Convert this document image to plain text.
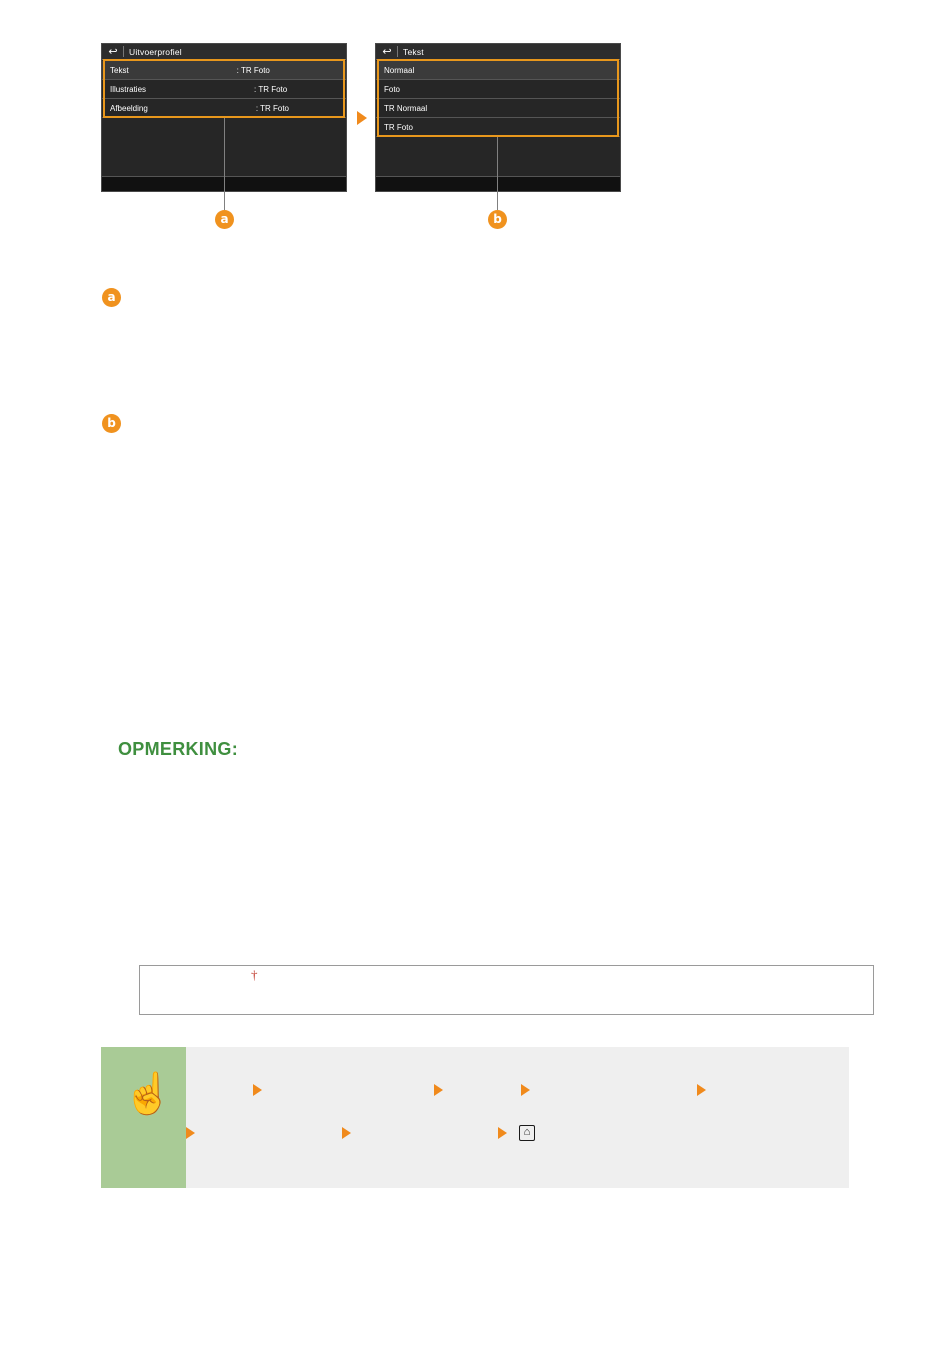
↩ Uitvoerprofiel
Tekst	: TR Foto
Illustraties	: TR Foto
Afbeelding	: TR Foto
↩ Tekst
Normaal
Foto
TR Normaal
TR Foto
a	b
a
b
OPMERKING:
†
☝
⌂
